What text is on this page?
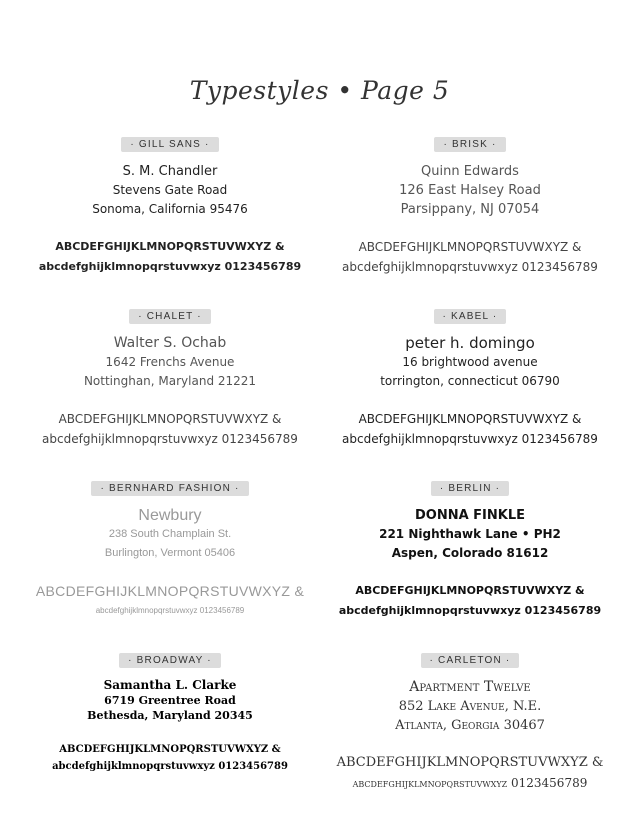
Typestyles • Page 5
· GILL SANS ·
S. M. Chandler
Stevens Gate Road
Sonoma, California 95476
ABCDEFGHIJKLMNOPQRSTUVWXYZ &
abcdefghijklmnopqrstuvwxyz 0123456789
· BRISK ·
Quinn Edwards
126 East Halsey Road
Parsippany, NJ 07054
ABCDEFGHIJKLMNOPQRSTUVWXYZ &
abcdefghijklmnopqrstuvwxyz 0123456789
· CHALET ·
Walter S. Ochab
1642 Frenchs Avenue
Nottinghan, Maryland 21221
ABCDEFGHIJKLMNOPQRSTUVWXYZ &
abcdefghijklmnopqrstuvwxyz 0123456789
· KABEL ·
peter h. domingo
16 brightwood avenue
torrington, connecticut 06790
ABCDEFGHIJKLMNOPQRSTUVWXYZ &
abcdefghijklmnopqrstuvwxyz 0123456789
· BERNHARD FASHION ·
Newbury
238 South Champlain St.
Burlington, Vermont 05406
ABCDEFGHIJKLMNOPQRSTUVWXYZ &
abcdefghijklmnopqrstuvwxyz 0123456789
· BERLIN ·
DONNA FINKLE
221 Nighthawk Lane • PH2
Aspen, Colorado 81612
ABCDEFGHIJKLMNOPQRSTUVWXYZ &
abcdefghijklmnopqrstuvwxyz 0123456789
· BROADWAY ·
Samantha L. Clarke
6719 Greentree Road
Bethesda, Maryland 20345
ABCDEFGHIJKLMNOPQRSTUVWXYZ &
abcdefghijklmnopqrstuvwxyz 0123456789
· CARLETON ·
Apartment Twelve
852 Lake Avenue, N.E.
Atlanta, Georgia 30467
ABCDEFGHIJKLMNOPQRSTUVWXYZ &
abcdefghijklmnopqrstuvwxyz 0123456789
